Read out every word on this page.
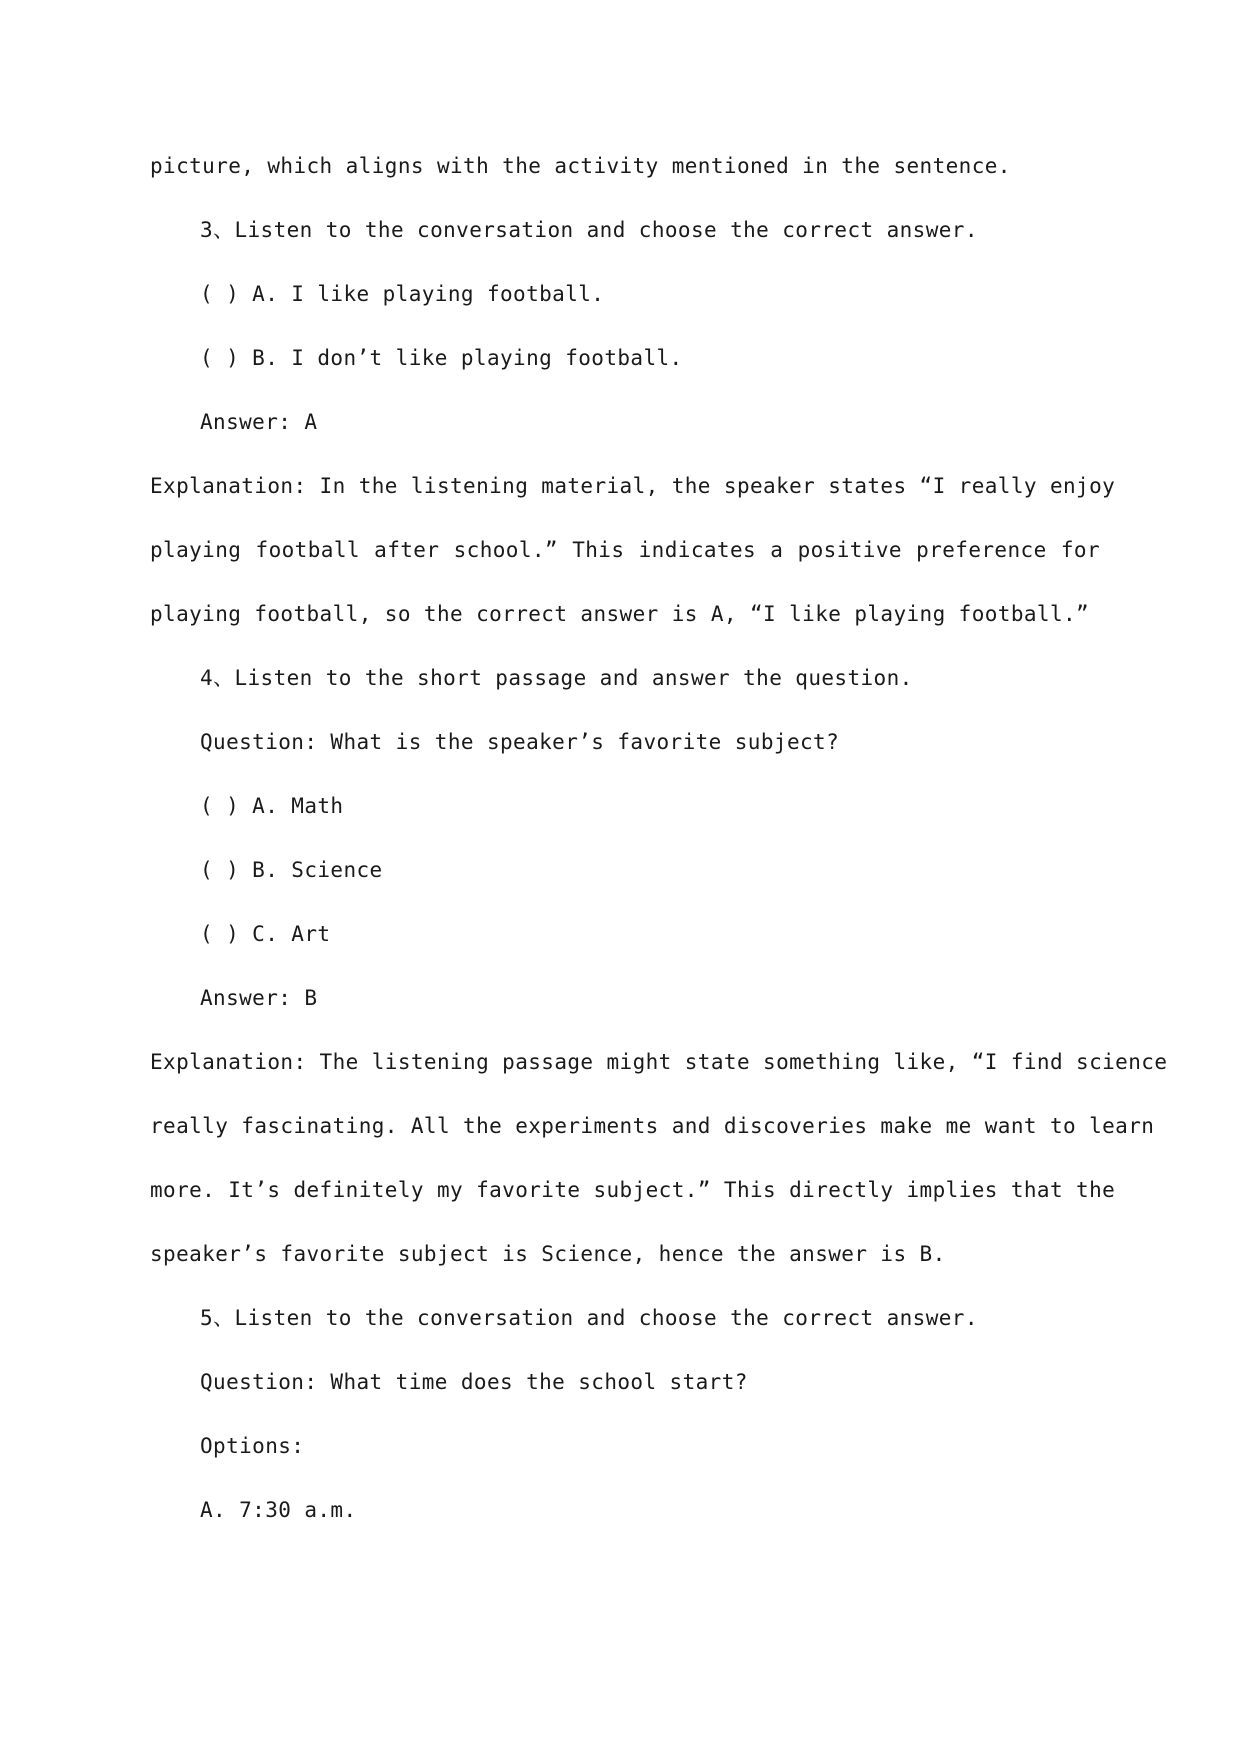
picture, which aligns with the activity mentioned in the sentence.
3、Listen to the conversation and choose the correct answer.
( ) A. I like playing football.
( ) B. I don’t like playing football.
Answer: A
Explanation: In the listening material, the speaker states “I really enjoy
playing football after school.” This indicates a positive preference for
playing football, so the correct answer is A, “I like playing football.”
4、Listen to the short passage and answer the question.
Question: What is the speaker’s favorite subject?
( ) A. Math
( ) B. Science
( ) C. Art
Answer: B
Explanation: The listening passage might state something like, “I find science
really fascinating. All the experiments and discoveries make me want to learn
more. It’s definitely my favorite subject.” This directly implies that the
speaker’s favorite subject is Science, hence the answer is B.
5、Listen to the conversation and choose the correct answer.
Question: What time does the school start?
Options:
A. 7:30 a.m.
